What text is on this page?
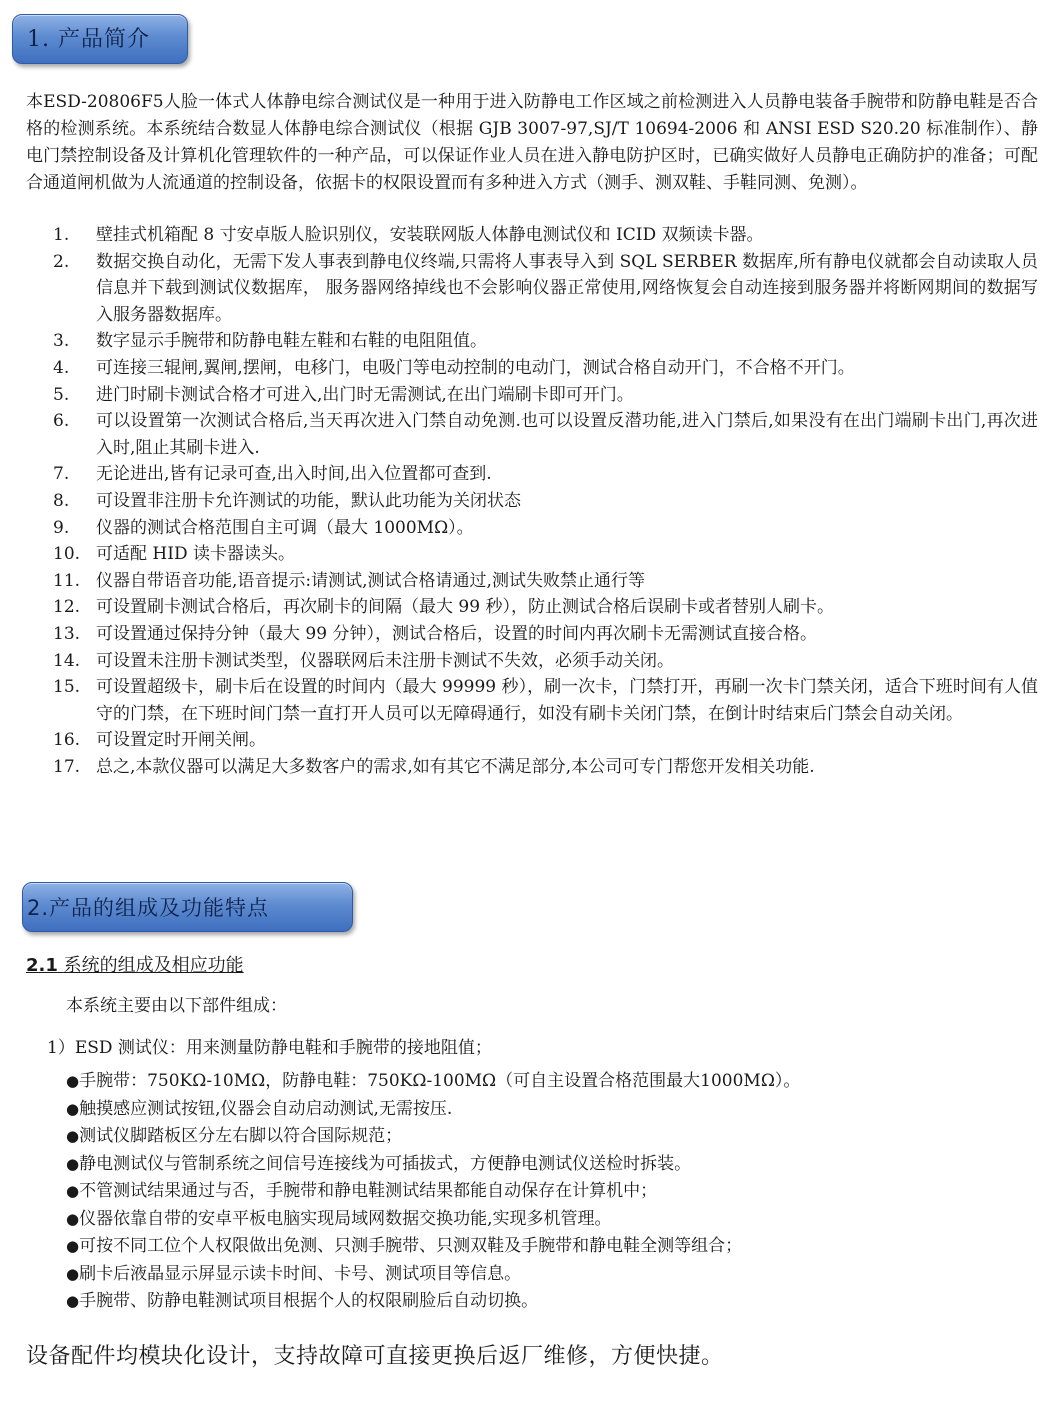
1. 产品简介

本ESD-20806F5人脸一体式人体静电综合测试仪是一种用于进入防静电工作区域之前检测进入人员静电装备手腕带和防静电鞋是否合格的检测系统。本系统结合数显人体静电综合测试仪（根据 GJB 3007-97,SJ/T 10694-2006 和 ANSI ESD S20.20 标准制作）、静电门禁控制设备及计算机化管理软件的一种产品，可以保证作业人员在进入静电防护区时，已确实做好人员静电正确防护的准备；可配合通道闸机做为人流通道的控制设备，依据卡的权限设置而有多种进入方式（测手、测双鞋、手鞋同测、免测）。

1. 壁挂式机箱配 8 寸安卓版人脸识别仪，安装联网版人体静电测试仪和 ICID 双频读卡器。
2. 数据交换自动化，无需下发人事表到静电仪终端,只需将人事表导入到 SQL SERBER 数据库,所有静电仪就都会自动读取人员信息并下载到测试仪数据库， 服务器网络掉线也不会影响仪器正常使用,网络恢复会自动连接到服务器并将断网期间的数据写入服务器数据库。
3. 数字显示手腕带和防静电鞋左鞋和右鞋的电阻阻值。
4. 可连接三辊闸,翼闸,摆闸，电移门，电吸门等电动控制的电动门，测试合格自动开门，不合格不开门。
5. 进门时刷卡测试合格才可进入,出门时无需测试,在出门端刷卡即可开门。
6. 可以设置第一次测试合格后,当天再次进入门禁自动免测.也可以设置反潜功能,进入门禁后,如果没有在出门端刷卡出门,再次进入时,阻止其刷卡进入.
7. 无论进出,皆有记录可查,出入时间,出入位置都可查到.
8. 可设置非注册卡允许测试的功能，默认此功能为关闭状态
9. 仪器的测试合格范围自主可调（最大 1000MΩ）。
10. 可适配 HID 读卡器读头。
11. 仪器自带语音功能,语音提示:请测试,测试合格请通过,测试失败禁止通行等
12. 可设置刷卡测试合格后，再次刷卡的间隔（最大 99 秒），防止测试合格后误刷卡或者替别人刷卡。
13. 可设置通过保持分钟（最大 99 分钟），测试合格后，设置的时间内再次刷卡无需测试直接合格。
14. 可设置未注册卡测试类型，仪器联网后未注册卡测试不失效，必须手动关闭。
15. 可设置超级卡，刷卡后在设置的时间内（最大 99999 秒），刷一次卡，门禁打开，再刷一次卡门禁关闭，适合下班时间有人值守的门禁，在下班时间门禁一直打开人员可以无障碍通行，如没有刷卡关闭门禁，在倒计时结束后门禁会自动关闭。
16. 可设置定时开闸关闸。
17. 总之,本款仪器可以满足大多数客户的需求,如有其它不满足部分,本公司可专门帮您开发相关功能.
2.产品的组成及功能特点
2.1 系统的组成及相应功能
本系统主要由以下部件组成：
1）ESD 测试仪：用来测量防静电鞋和手腕带的接地阻值；
●手腕带：750KΩ-10MΩ，防静电鞋：750KΩ-100MΩ（可自主设置合格范围最大1000MΩ）。
●触摸感应测试按钮,仪器会自动启动测试,无需按压.
●测试仪脚踏板区分左右脚以符合国际规范；
●静电测试仪与管制系统之间信号连接线为可插拔式，方便静电测试仪送检时拆装。
●不管测试结果通过与否，手腕带和静电鞋测试结果都能自动保存在计算机中；
●仪器依靠自带的安卓平板电脑实现局域网数据交换功能,实现多机管理。
●可按不同工位个人权限做出免测、只测手腕带、只测双鞋及手腕带和静电鞋全测等组合；
●刷卡后液晶显示屏显示读卡时间、卡号、测试项目等信息。
●手腕带、防静电鞋测试项目根据个人的权限刷脸后自动切换。
设备配件均模块化设计，支持故障可直接更换后返厂维修，方便快捷。
